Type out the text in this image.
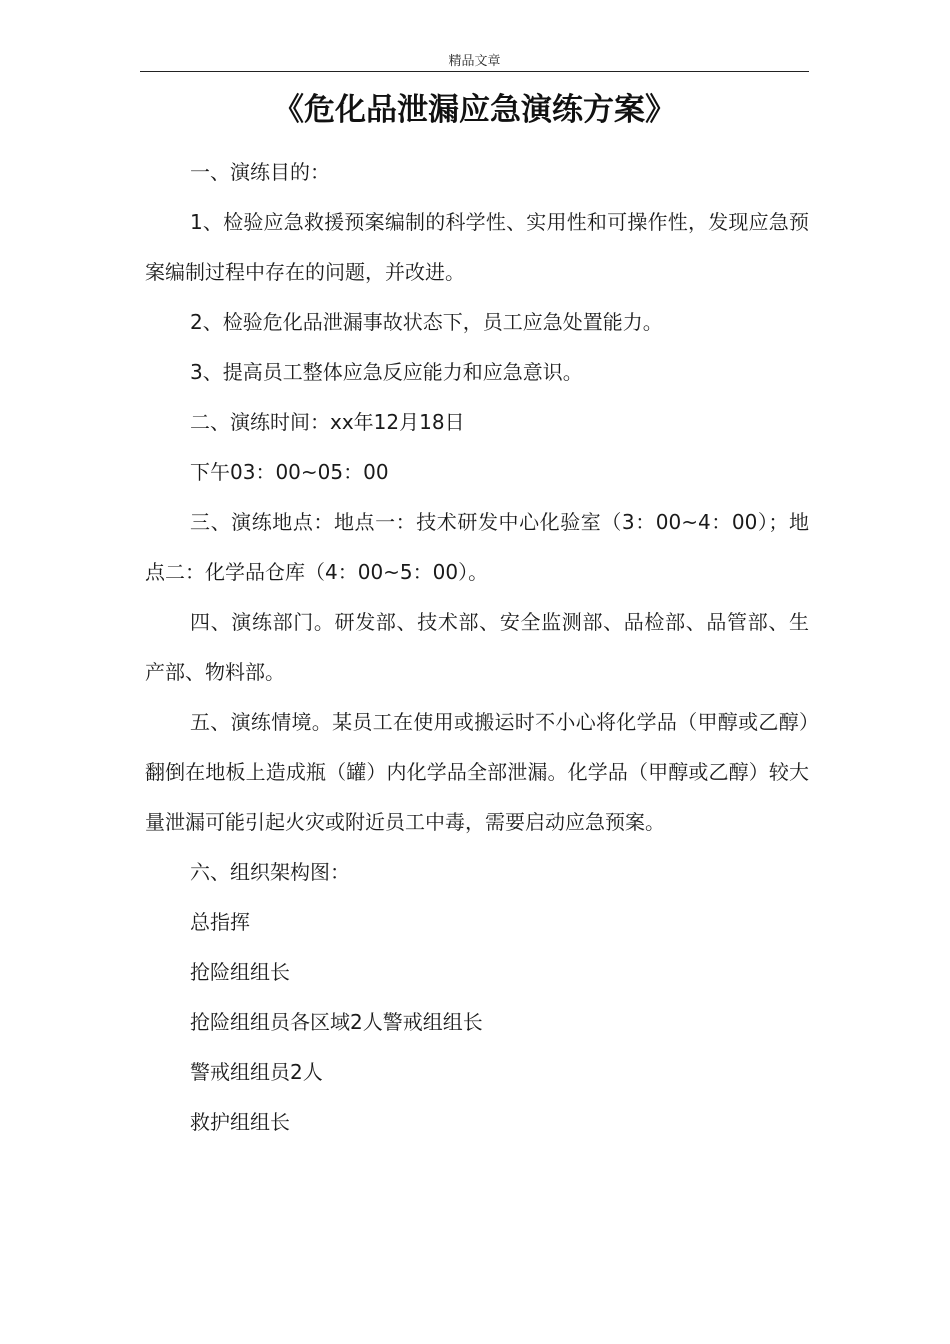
精品文章
《危化品泄漏应急演练方案》

一、演练目的：

1、检验应急救援预案编制的科学性、实用性和可操作性，发现应急预案编制过程中存在的问题，并改进。

2、检验危化品泄漏事故状态下，员工应急处置能力。

3、提高员工整体应急反应能力和应急意识。

二、演练时间：xx年12月18日

下午03：00~05：00

三、演练地点：地点一：技术研发中心化验室（3：00~4：00）；地点二：化学品仓库（4：00~5：00）。

四、演练部门。研发部、技术部、安全监测部、品检部、品管部、生产部、物料部。

五、演练情境。某员工在使用或搬运时不小心将化学品（甲醇或乙醇）翻倒在地板上造成瓶（罐）内化学品全部泄漏。化学品（甲醇或乙醇）较大量泄漏可能引起火灾或附近员工中毒，需要启动应急预案。

六、组织架构图：

总指挥

抢险组组长

抢险组组员各区域2人警戒组组长

警戒组组员2人

救护组组长
